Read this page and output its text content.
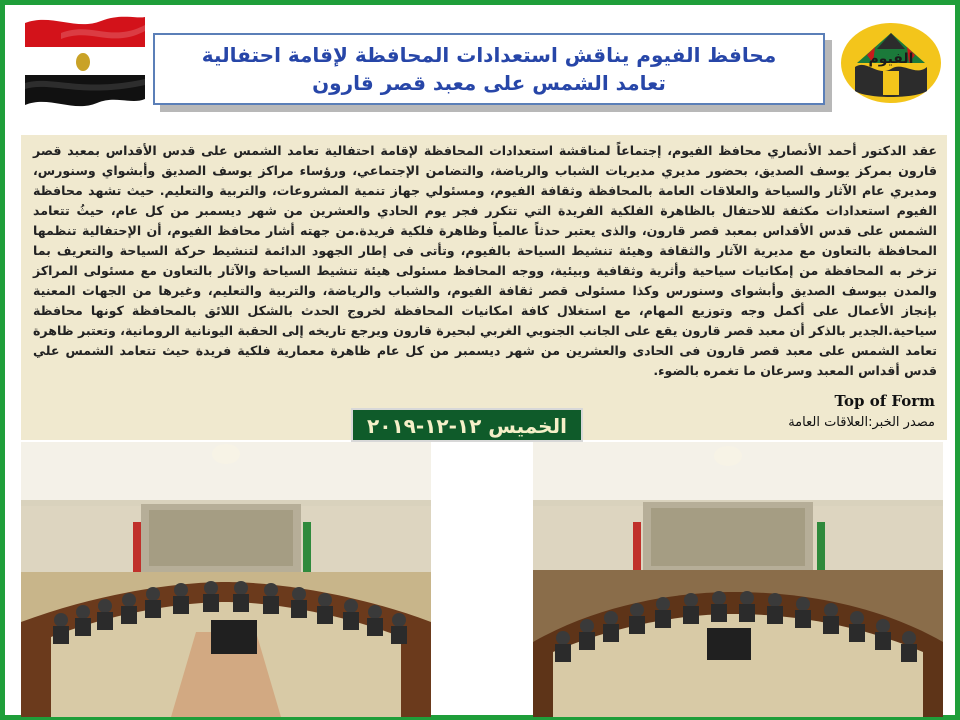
الفيوم
محافظ الفيوم يناقش استعدادات المحافظة لإقامة احتفالية تعامد الشمس على معبد قصر قارون
عقد الدكتور أحمد الأنصاري محافظ الفيوم، إجتماعاً لمناقشة استعدادات المحافظة لإقامة احتفالية تعامد الشمس على قدس الأقداس بمعبد قصر قارون بمركز يوسف الصديق، بحضور مديري مديريات الشباب والرياضة، والتضامن الإجتماعي، ورؤساء مراكز يوسف الصديق وأبشواي وسنورس، ومديري عام الآثار والسياحة والعلاقات العامة بالمحافظة وثقافة الفيوم، ومسئولي جهاز تنمية المشروعات، والتربية والتعليم. حيث تشهد محافظة الفيوم استعدادات مكثفة للاحتفال بالظاهرة الفلكية الفريدة التي تتكرر فجر يوم الحادي والعشرين من شهر ديسمبر من كل عام، حيثُ تتعامد الشمس على قدس الأقداس بمعبد قصر قارون، والذى يعتبر حدثاً عالمياً وظاهرة فلكية فريدة.من جهته أشار محافظ الفيوم، أن الإحتفالية تنظمها المحافظة بالتعاون مع مديرية الآثار والثقافة وهيئة تنشيط السياحة بالفيوم، وتأتى فى إطار الجهود الدائمة لتنشيط حركة السياحة والتعريف بما تزخر به المحافظة من إمكانيات سياحية وأثرية وثقافية وبيئية، ووجه المحافظ مسئولى هيئة تنشيط السياحة والآثار بالتعاون مع مسئولى المراكز والمدن بيوسف الصديق وأبشواى وسنورس وكذا مسئولى قصر ثقافة الفيوم، والشباب والرياضة، والتربية والتعليم، وغيرها من الجهات المعنية بإنجاز الأعمال على أكمل وجه وتوزيع المهام، مع استغلال كافة امكانيات المحافظة لخروج الحدث بالشكل اللائق بالمحافظة كونها محافظة سياحية.الجدير بالذكر أن معبد قصر قارون يقع على الجانب الجنوبي الغربي لبحيرة قارون ويرجع تاريخه إلى الحقبة اليونانية الرومانية، وتعتبر ظاهرة تعامد الشمس على معبد قصر قارون فى الحادى والعشرين من شهر ديسمبر من كل عام ظاهرة معمارية فلكية فريدة حيث تتعامد الشمس علي قدس أقداس المعبد وسرعان ما تغمره بالضوء.
Top of Form
مصدر الخبر:العلاقات العامة
الخميس ١٢-١٢-٢٠١٩
